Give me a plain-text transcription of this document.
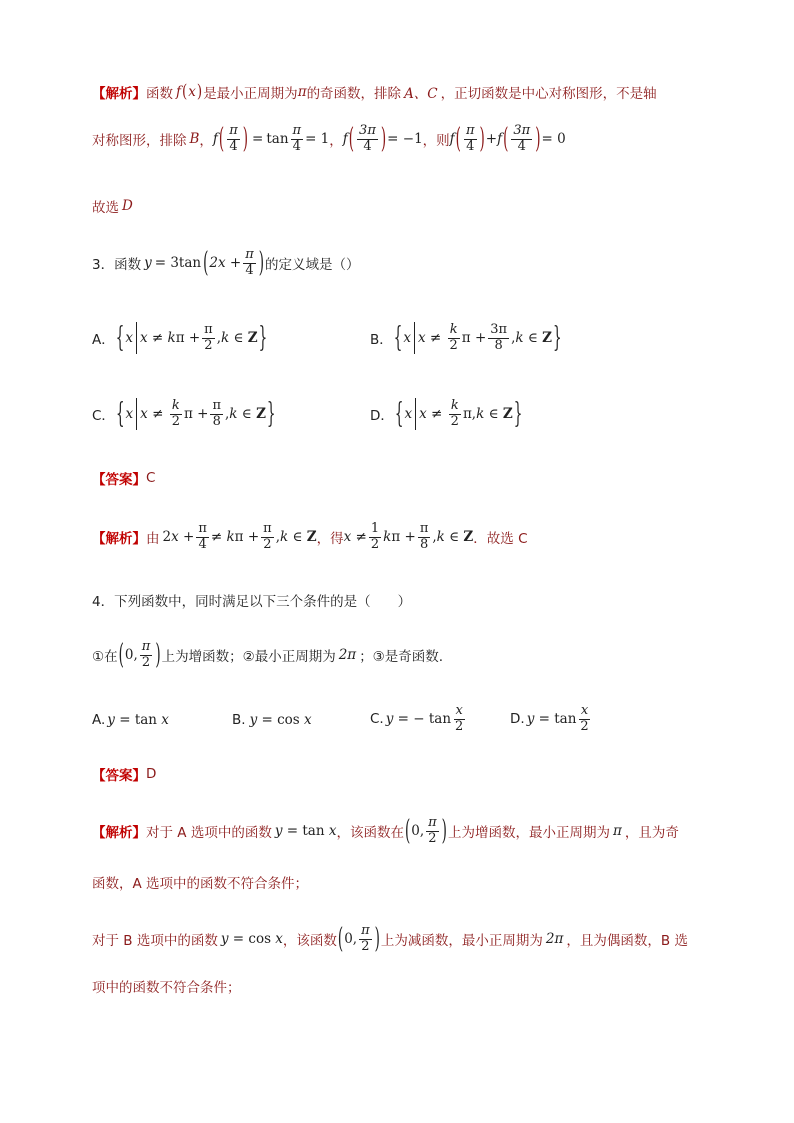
【解析】 函数 f ( x ) 是最小正周期为 π 的奇函数，排除 A、C ，正切函数是中心对称图形，不是轴
对称图形，排除 B ， f ( $\frac{\pi}{4}$ ) = $\tan \frac{\pi}{4} = 1$ ， f ( $\frac{3\pi}{4}$ ) = −1 ，则 f ( $\frac{\pi}{4}$ ) + f ( $\frac{3\pi}{4}$ ) = 0
故选 D
3．函数 y = 3tan ( $2x + \frac{\pi}{4}$ ) 的定义域是（）
A． { x x ≠ k $\pi + \frac{\pi}{2}$ , k ∈ Z }	B． { x $x \ne \frac{k}{2}$ $\pi + \frac{3\pi}{8}$ , k ∈ Z }
C． { x $x \ne \frac{k}{2}$ $\pi + \frac{\pi}{8}$ , k ∈ Z }	D． { x $x \ne \frac{k}{2} \pi$, k ∈ Z }
【答案】 C
【解析】 由 2 $x + \frac{\pi}{4} \ne k$ $\pi + \frac{\pi}{2}$ , k ∈ Z ，得 $x \ne \frac{1}{2}$ k $\pi + \frac{\pi}{8}$ , k ∈ Z ．故选 C
4．下列函数中，同时满足以下三个条件的是（　　）
①在 ( 0, $\frac{\pi}{2}$ ) 上为增函数；②最小正周期为 2π ；③是奇函数.
A. y = tan x	B. y = cos x	C. y = − $\tan \frac{x}{2}$	D. $y = \tan \frac{x}{2}$
【答案】 D
【解析】 对于 A 选项中的函数 y = tan x ，该函数在 ( 0, $\frac{\pi}{2}$ ) 上为增函数，最小正周期为 π ，且为奇
函数，A 选项中的函数不符合条件；
对于 B 选项中的函数 y = cos x ，该函数 ( 0, $\frac{\pi}{2}$ ) 上为减函数，最小正周期为 2π ，且为偶函数，B 选
项中的函数不符合条件；
